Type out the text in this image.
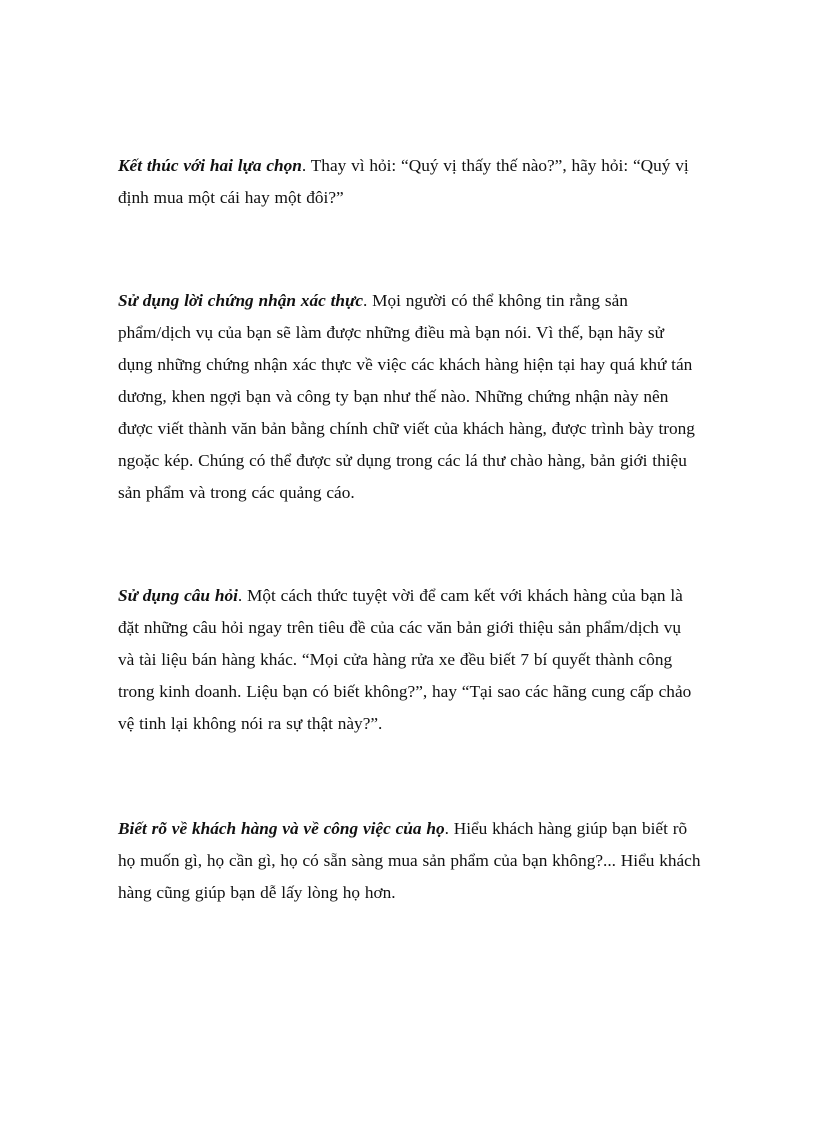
Kết thúc với hai lựa chọn. Thay vì hỏi: “Quý vị thấy thế nào?”, hãy hỏi: “Quý vị
định mua một cái hay một đôi?”

Sử dụng lời chứng nhận xác thực. Mọi người có thể không tin rằng sản
phẩm/dịch vụ của bạn sẽ làm được những điều mà bạn nói. Vì thế, bạn hãy sử
dụng những chứng nhận xác thực về việc các khách hàng hiện tại hay quá khứ tán
dương, khen ngợi bạn và công ty bạn như thế nào. Những chứng nhận này nên
được viết thành văn bản bằng chính chữ viết của khách hàng, được trình bày trong
ngoặc kép. Chúng có thể được sử dụng trong các lá thư chào hàng, bản giới thiệu
sản phẩm và trong các quảng cáo.

Sử dụng câu hỏi. Một cách thức tuyệt vời để cam kết với khách hàng của bạn là
đặt những câu hỏi ngay trên tiêu đề của các văn bản giới thiệu sản phẩm/dịch vụ
và tài liệu bán hàng khác. “Mọi cửa hàng rửa xe đều biết 7 bí quyết thành công
trong kinh doanh. Liệu bạn có biết không?”, hay “Tại sao các hãng cung cấp chảo
vệ tinh lại không nói ra sự thật này?”.

Biết rõ về khách hàng và về công việc của họ. Hiểu khách hàng giúp bạn biết rõ
họ muốn gì, họ cần gì, họ có sẵn sàng mua sản phẩm của bạn không?... Hiểu khách
hàng cũng giúp bạn dễ lấy lòng họ hơn.
